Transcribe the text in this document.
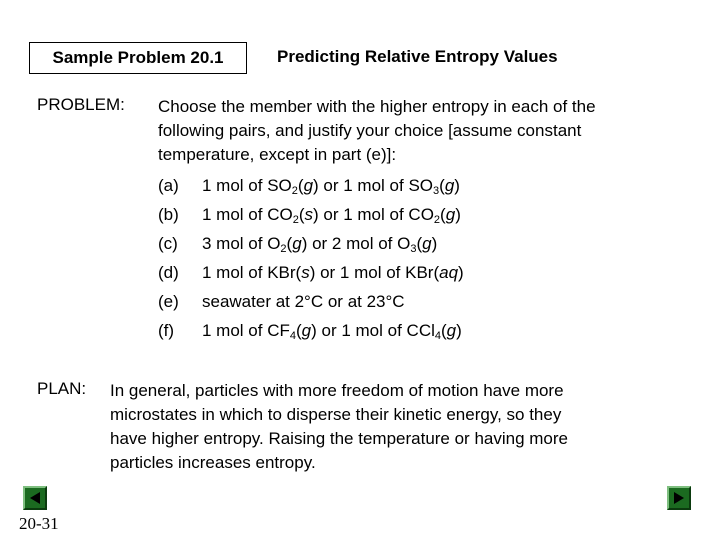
Sample Problem 20.1	Predicting Relative Entropy Values
PROBLEM: Choose the member with the higher entropy in each of the
following pairs, and justify your choice [assume constant
temperature, except in part (e)]:
(a) 1 mol of $SO_2(g)$ or 1 mol of $SO_3(g)$
(b) 1 mol of $CO_2(s)$ or 1 mol of $CO_2(g)$
(c) 3 mol of $O_2(g)$ or 2 mol of $O_3(g)$
(d) 1 mol of KBr(s) or 1 mol of KBr(aq)
(e) seawater at 2°C or at 23°C
(f) 1 mol of $CF_4(g)$ or 1 mol of CCl$_4$(g)
PLAN: In general, particles with more freedom of motion have more
microstates in which to disperse their kinetic energy, so they
have higher entropy. Raising the temperature or having more
particles increases entropy.
20-31
